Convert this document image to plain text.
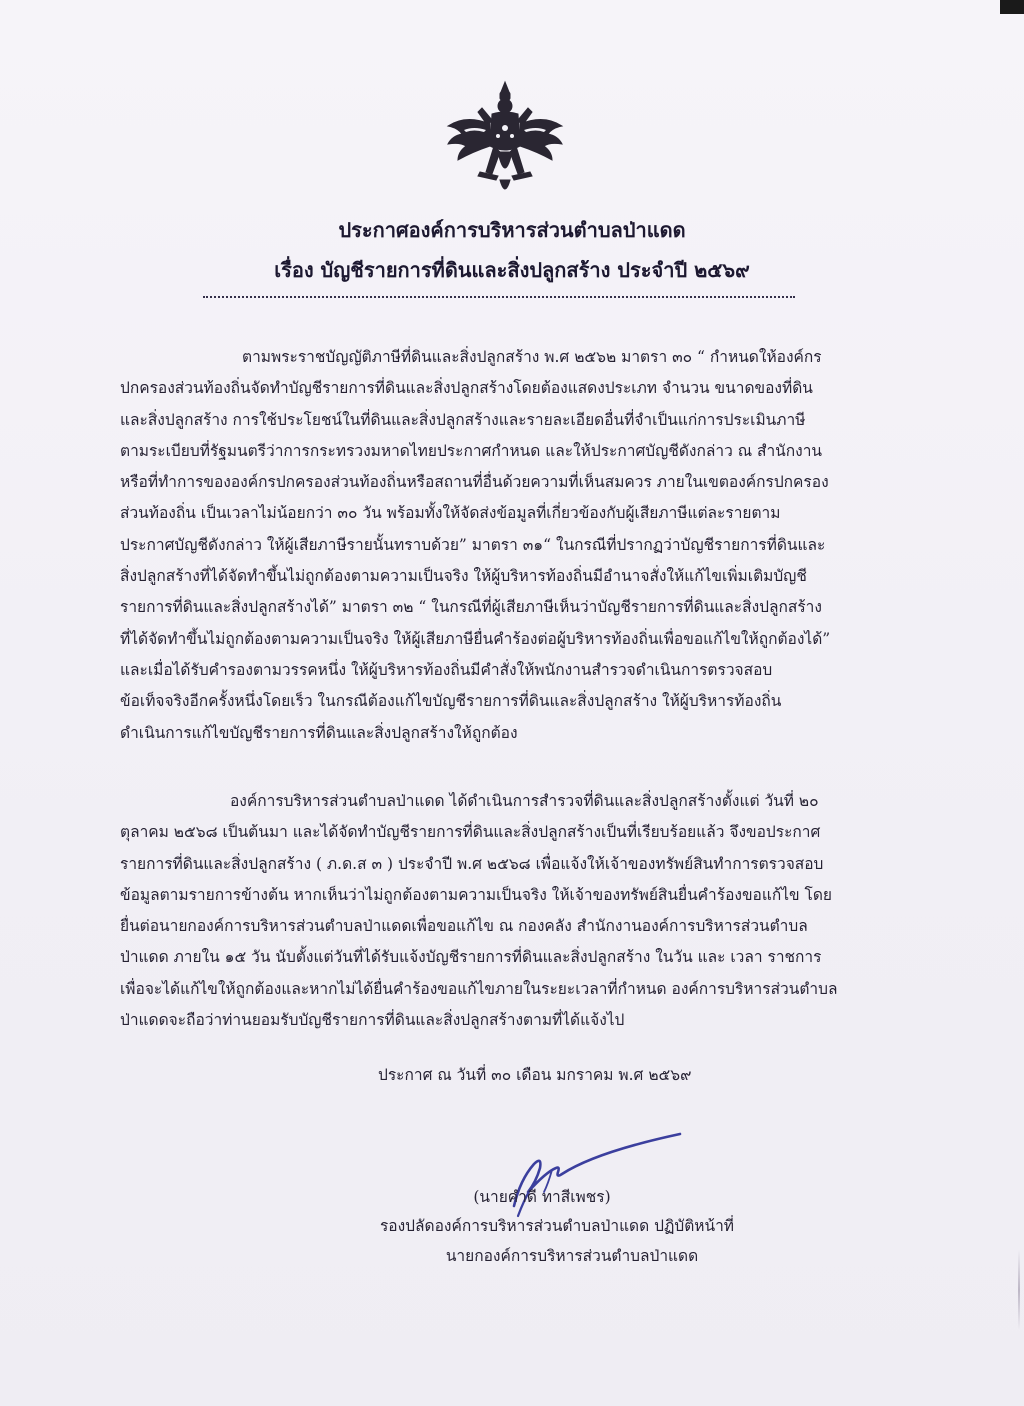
ประกาศองค์การบริหารส่วนตำบลป่าแดด
เรื่อง บัญชีรายการที่ดินและสิ่งปลูกสร้าง ประจำปี ๒๕๖๙
ตามพระราชบัญญัติภาษีที่ดินและสิ่งปลูกสร้าง พ.ศ ๒๕๖๒ มาตรา ๓๐ “ กำหนดให้องค์กร
ปกครองส่วนท้องถิ่นจัดทำบัญชีรายการที่ดินและสิ่งปลูกสร้างโดยต้องแสดงประเภท จำนวน ขนาดของที่ดิน
และสิ่งปลูกสร้าง การใช้ประโยชน์ในที่ดินและสิ่งปลูกสร้างและรายละเอียดอื่นที่จำเป็นแก่การประเมินภาษี
ตามระเบียบที่รัฐมนตรีว่าการกระทรวงมหาดไทยประกาศกำหนด และให้ประกาศบัญชีดังกล่าว ณ สำนักงาน
หรือที่ทำการขององค์กรปกครองส่วนท้องถิ่นหรือสถานที่อื่นด้วยความที่เห็นสมควร ภายในเขตองค์กรปกครอง
ส่วนท้องถิ่น เป็นเวลาไม่น้อยกว่า ๓๐ วัน พร้อมทั้งให้จัดส่งข้อมูลที่เกี่ยวข้องกับผู้เสียภาษีแต่ละรายตาม
ประกาศบัญชีดังกล่าว ให้ผู้เสียภาษีรายนั้นทราบด้วย” มาตรา ๓๑“ ในกรณีที่ปรากฏว่าบัญชีรายการที่ดินและ
สิ่งปลูกสร้างที่ได้จัดทำขึ้นไม่ถูกต้องตามความเป็นจริง ให้ผู้บริหารท้องถิ่นมีอำนาจสั่งให้แก้ไขเพิ่มเติมบัญชี
รายการที่ดินและสิ่งปลูกสร้างได้” มาตรา ๓๒ “ ในกรณีที่ผู้เสียภาษีเห็นว่าบัญชีรายการที่ดินและสิ่งปลูกสร้าง
ที่ได้จัดทำขึ้นไม่ถูกต้องตามความเป็นจริง ให้ผู้เสียภาษียื่นคำร้องต่อผู้บริหารท้องถิ่นเพื่อขอแก้ไขให้ถูกต้องได้”
และเมื่อได้รับคำรองตามวรรคหนึ่ง ให้ผู้บริหารท้องถิ่นมีคำสั่งให้พนักงานสำรวจดำเนินการตรวจสอบ
ข้อเท็จจริงอีกครั้งหนึ่งโดยเร็ว ในกรณีต้องแก้ไขบัญชีรายการที่ดินและสิ่งปลูกสร้าง ให้ผู้บริหารท้องถิ่น
ดำเนินการแก้ไขบัญชีรายการที่ดินและสิ่งปลูกสร้างให้ถูกต้อง
องค์การบริหารส่วนตำบลป่าแดด ได้ดำเนินการสำรวจที่ดินและสิ่งปลูกสร้างตั้งแต่ วันที่ ๒๐
ตุลาคม ๒๕๖๘ เป็นต้นมา และได้จัดทำบัญชีรายการที่ดินและสิ่งปลูกสร้างเป็นที่เรียบร้อยแล้ว จึงขอประกาศ
รายการที่ดินและสิ่งปลูกสร้าง ( ภ.ด.ส ๓ ) ประจำปี พ.ศ ๒๕๖๘ เพื่อแจ้งให้เจ้าของทรัพย์สินทำการตรวจสอบ
ข้อมูลตามรายการข้างต้น หากเห็นว่าไม่ถูกต้องตามความเป็นจริง ให้เจ้าของทรัพย์สินยื่นคำร้องขอแก้ไข โดย
ยื่นต่อนายกองค์การบริหารส่วนตำบลป่าแดดเพื่อขอแก้ไข ณ กองคลัง สำนักงานองค์การบริหารส่วนตำบล
ป่าแดด ภายใน ๑๕ วัน นับตั้งแต่วันที่ได้รับแจ้งบัญชีรายการที่ดินและสิ่งปลูกสร้าง ในวัน และ เวลา ราชการ
เพื่อจะได้แก้ไขให้ถูกต้องและหากไม่ได้ยื่นคำร้องขอแก้ไขภายในระยะเวลาที่กำหนด องค์การบริหารส่วนตำบล
ป่าแดดจะถือว่าท่านยอมรับบัญชีรายการที่ดินและสิ่งปลูกสร้างตามที่ได้แจ้งไป
ประกาศ ณ วันที่ ๓๐ เดือน มกราคม พ.ศ ๒๕๖๙
(นายคำดี ทาสีเพชร)
รองปลัดองค์การบริหารส่วนตำบลป่าแดด ปฏิบัติหน้าที่
นายกองค์การบริหารส่วนตำบลป่าแดด
